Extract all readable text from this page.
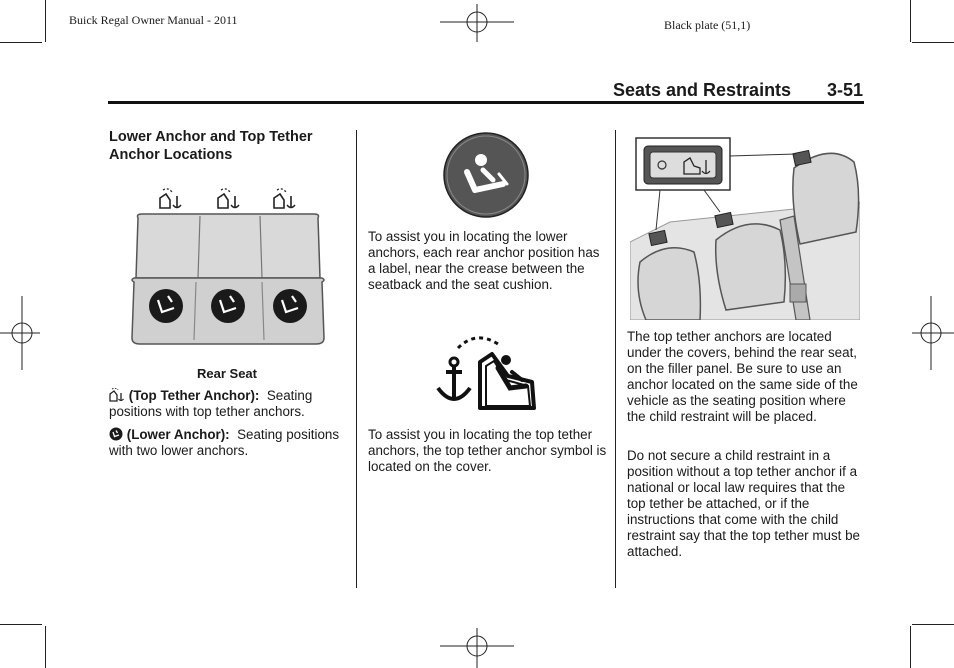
Buick Regal Owner Manual - 2011	Black plate (51,1)
Seats and Restraints 3-51
Lower Anchor and Top Tether Anchor Locations
Rear Seat
(Top Tether Anchor): Seating positions with top tether anchors.
(Lower Anchor): Seating positions with two lower anchors.

To assist you in locating the lower anchors, each rear anchor position has a label, near the crease between the seatback and the seat cushion.

To assist you in locating the top tether anchors, the top tether anchor symbol is located on the cover.

The top tether anchors are located under the covers, behind the rear seat, on the filler panel. Be sure to use an anchor located on the same side of the vehicle as the seating position where the child restraint will be placed.

Do not secure a child restraint in a position without a top tether anchor if a national or local law requires that the top tether be attached, or if the instructions that come with the child restraint say that the top tether must be attached.
